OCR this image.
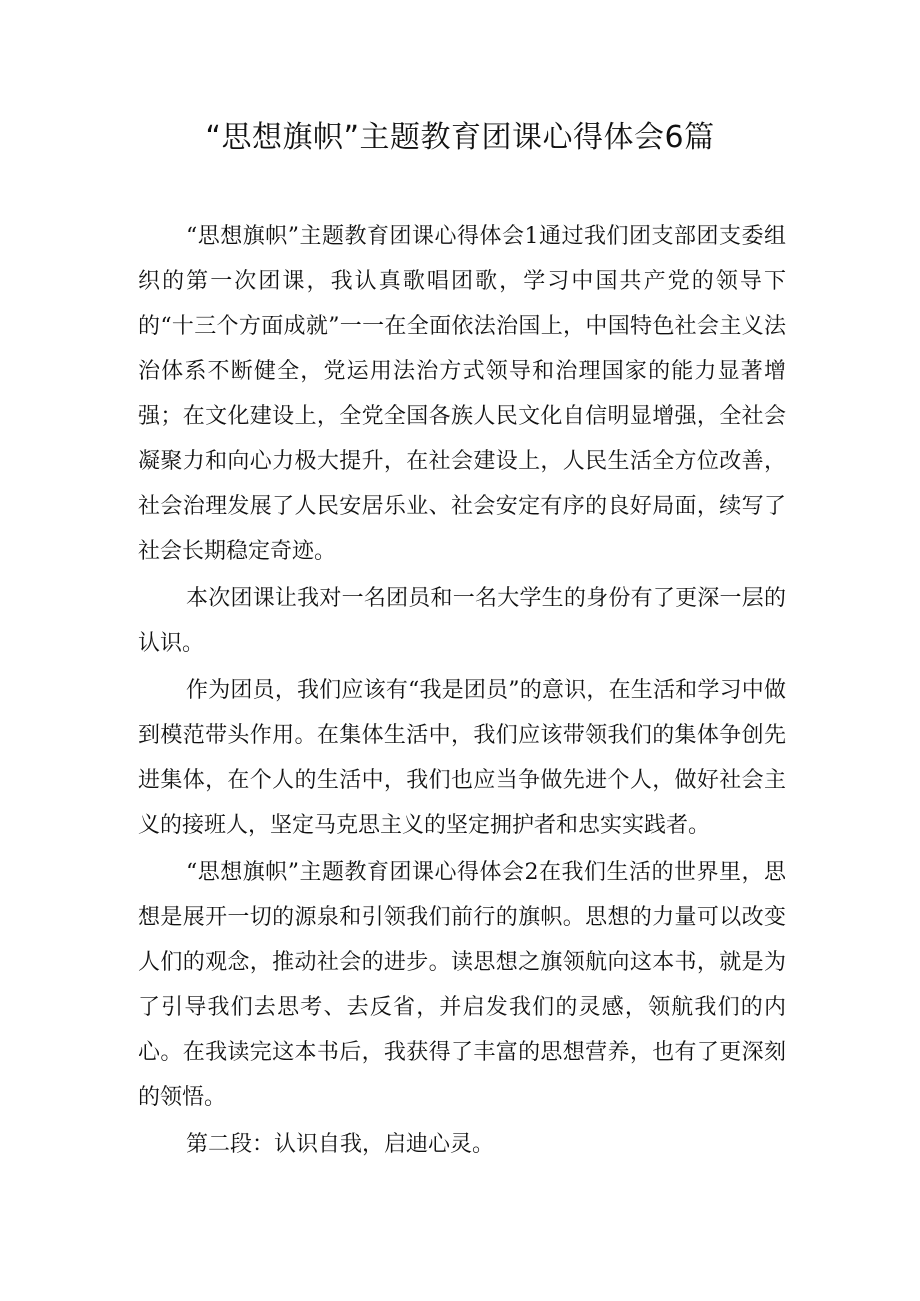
“思想旗帜”主题教育团课心得体会6篇

“思想旗帜”主题教育团课心得体会1通过我们团支部团支委组织的第一次团课，我认真歌唱团歌，学习中国共产党的领导下的“十三个方面成就”一一在全面依法治国上，中国特色社会主义法治体系不断健全，党运用法治方式领导和治理国家的能力显著增强；在文化建设上，全党全国各族人民文化自信明显增强，全社会凝聚力和向心力极大提升，在社会建设上，人民生活全方位改善，社会治理发展了人民安居乐业、社会安定有序的良好局面，续写了社会长期稳定奇迹。

本次团课让我对一名团员和一名大学生的身份有了更深一层的认识。

作为团员，我们应该有“我是团员”的意识，在生活和学习中做到模范带头作用。在集体生活中，我们应该带领我们的集体争创先进集体，在个人的生活中，我们也应当争做先进个人，做好社会主义的接班人，坚定马克思主义的坚定拥护者和忠实实践者。

“思想旗帜”主题教育团课心得体会2在我们生活的世界里，思想是展开一切的源泉和引领我们前行的旗帜。思想的力量可以改变人们的观念，推动社会的进步。读思想之旗领航向这本书，就是为了引导我们去思考、去反省，并启发我们的灵感，领航我们的内心。在我读完这本书后，我获得了丰富的思想营养，也有了更深刻的领悟。

第二段：认识自我，启迪心灵。
